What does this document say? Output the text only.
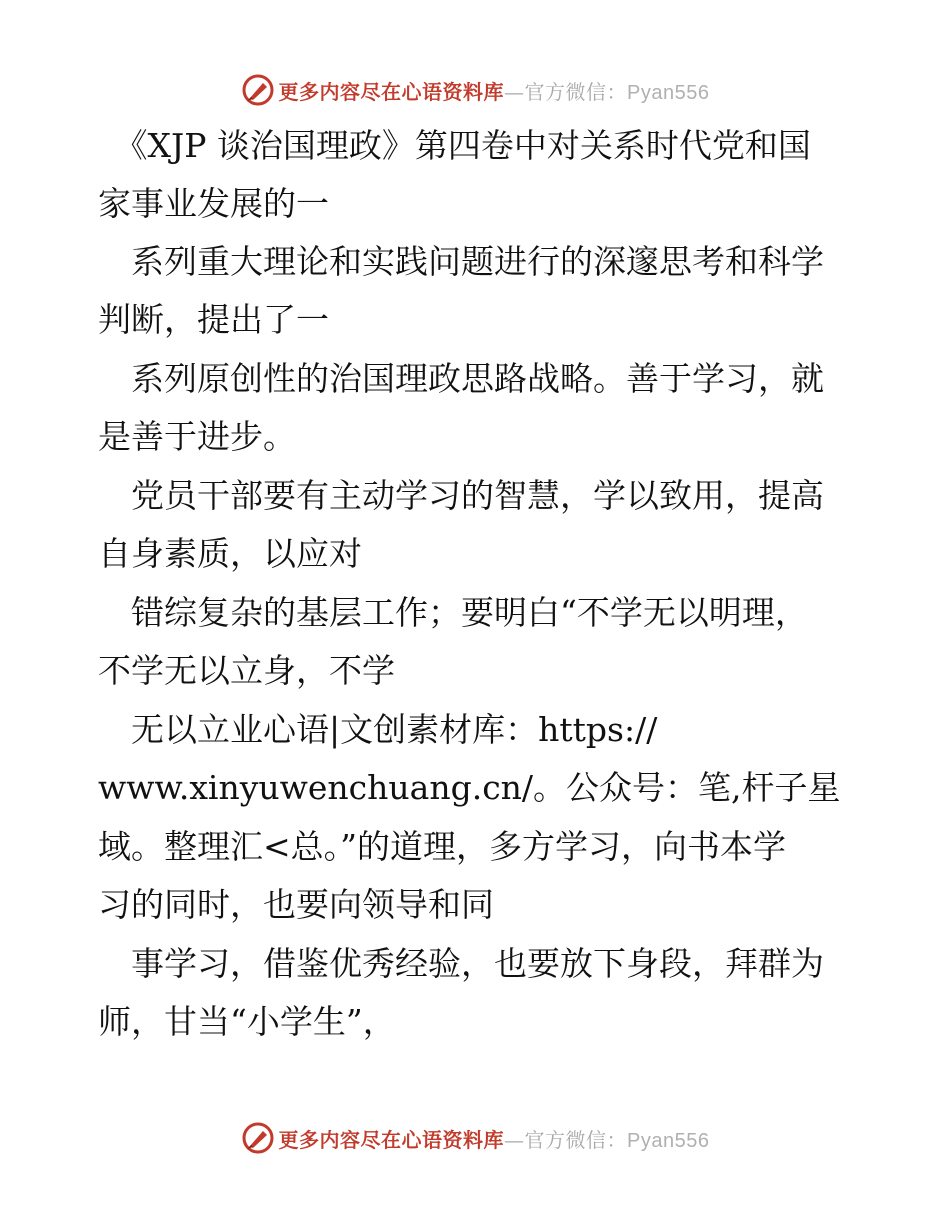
更多内容尽在心语资料库—官方微信：Pyan556
　《XJP 谈治国理政》第四卷中对关系时代党和国
家事业发展的一
　系列重大理论和实践问题进行的深邃思考和科学
判断，提出了一
　系列原创性的治国理政思路战略。善于学习，就
是善于进步。
　党员干部要有主动学习的智慧，学以致用，提高
自身素质，以应对
　错综复杂的基层工作；要明白“不学无以明理，
不学无以立身，不学
　无以立业心语|文创素材库：https://
www.xinyuwenchuang.cn/。公众号：笔,杆子星
域。整理汇<总。”的道理，多方学习，向书本学
习的同时，也要向领导和同
　事学习，借鉴优秀经验，也要放下身段，拜群为
师，甘当“小学生”，
更多内容尽在心语资料库—官方微信：Pyan556
